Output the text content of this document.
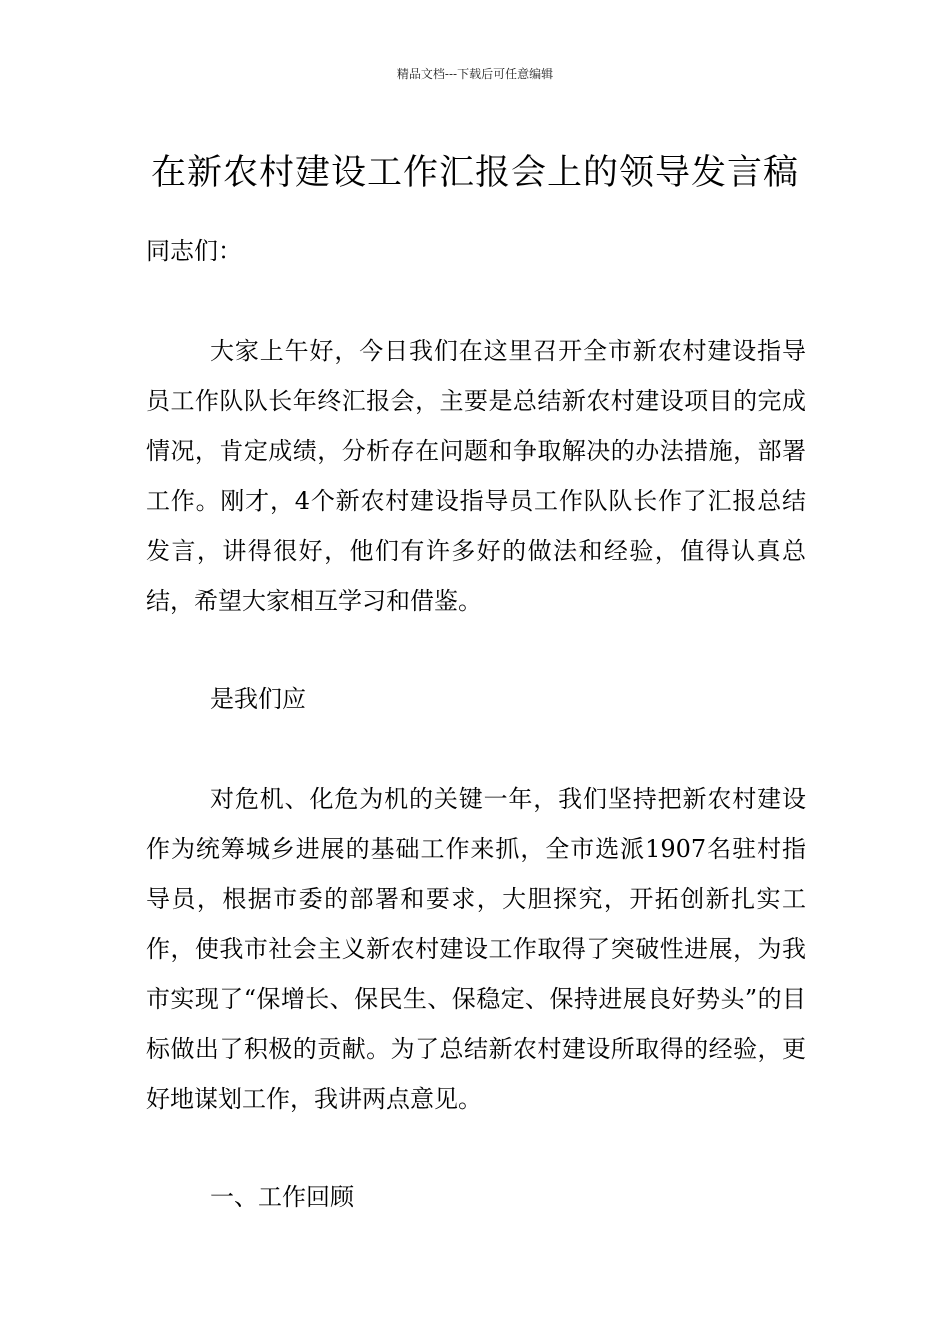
精品文档---下载后可任意编辑
在新农村建设工作汇报会上的领导发言稿

同志们：

大家上午好，今日我们在这里召开全市新农村建设指导员工作队队长年终汇报会，主要是总结新农村建设项目的完成情况，肯定成绩，分析存在问题和争取解决的办法措施，部署工作。刚才，4个新农村建设指导员工作队队长作了汇报总结发言，讲得很好，他们有许多好的做法和经验，值得认真总结，希望大家相互学习和借鉴。

是我们应

对危机、化危为机的关键一年，我们坚持把新农村建设作为统筹城乡进展的基础工作来抓，全市选派1907名驻村指导员，根据市委的部署和要求，大胆探究，开拓创新扎实工作，使我市社会主义新农村建设工作取得了突破性进展，为我市实现了“保增长、保民生、保稳定、保持进展良好势头”的目标做出了积极的贡献。为了总结新农村建设所取得的经验，更好地谋划工作，我讲两点意见。

一、工作回顾
